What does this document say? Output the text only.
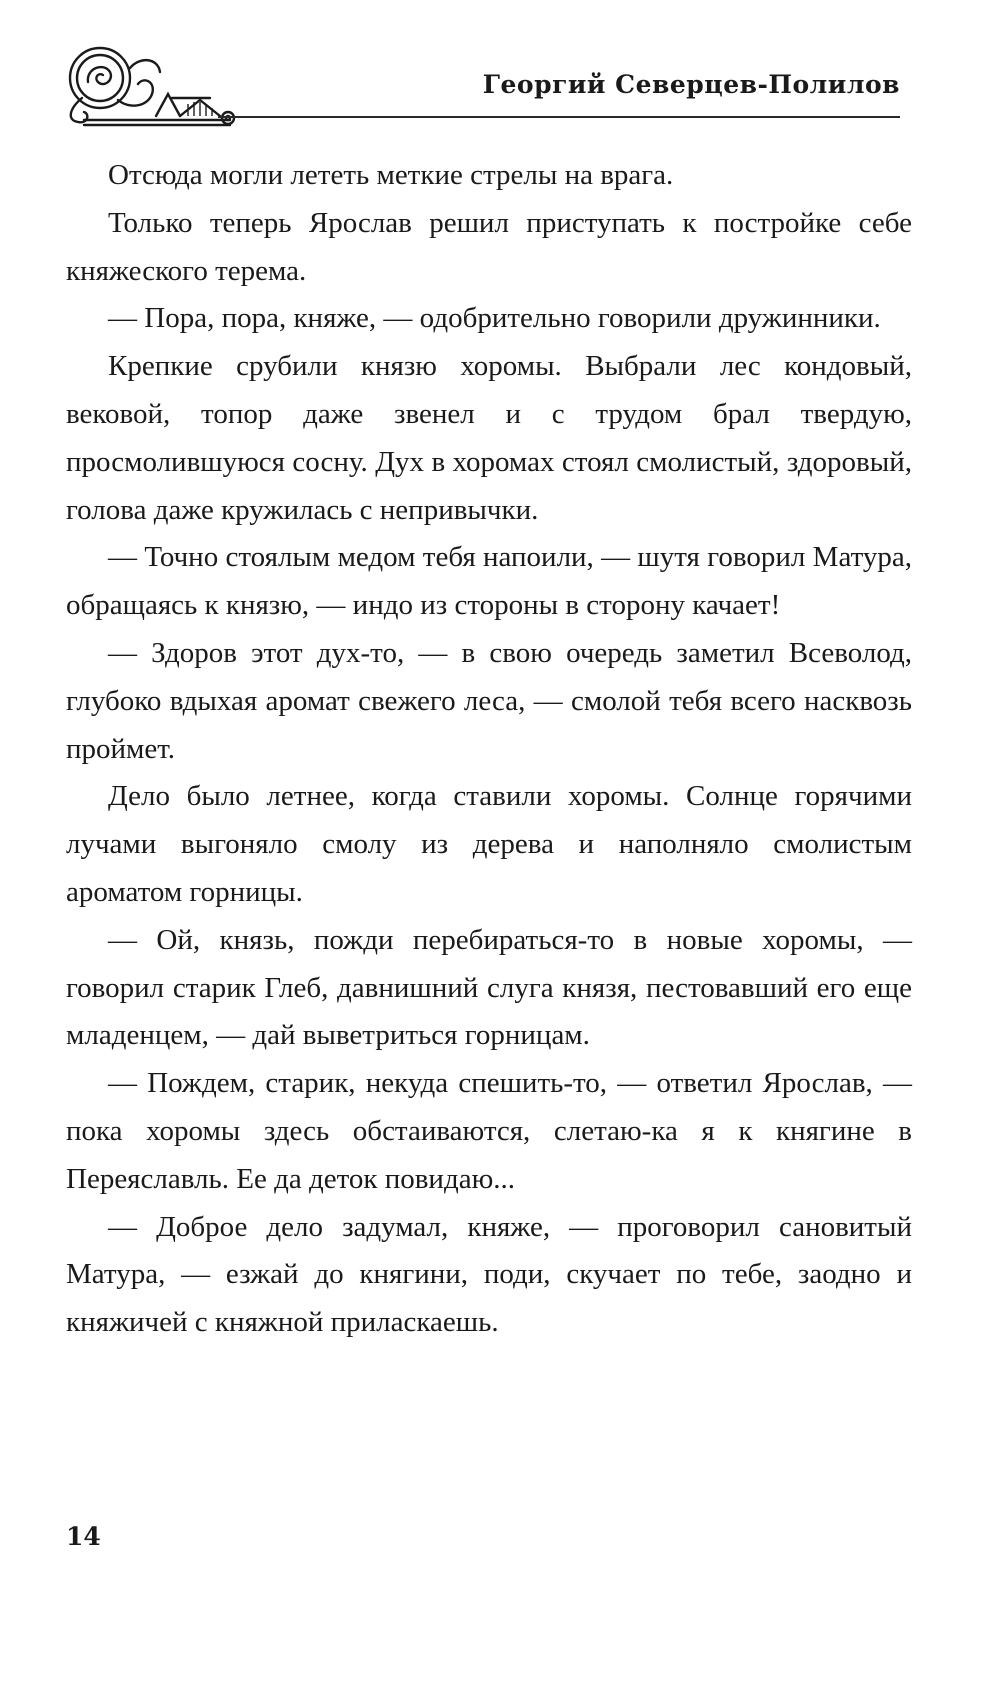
Георгий Северцев-Полилов

Отсюда могли лететь меткие стрелы на врага.

Только теперь Ярослав решил приступать к постройке себе княжеского терема.

— Пора, пора, княже, — одобрительно говорили дружинники.

Крепкие срубили князю хоромы. Выбрали лес кондовый, вековой, топор даже звенел и с трудом брал твердую, просмолившуюся сосну. Дух в хоромах стоял смолистый, здоровый, голова даже кружилась с непривычки.

— Точно стоялым медом тебя напоили, — шутя говорил Матура, обращаясь к князю, — индо из стороны в сторону качает!

— Здоров этот дух-то, — в свою очередь заметил Всеволод, глубоко вдыхая аромат свежего леса, — смолой тебя всего насквозь проймет.

Дело было летнее, когда ставили хоромы. Солнце горячими лучами выгоняло смолу из дерева и наполняло смолистым ароматом горницы.

— Ой, князь, пожди перебираться-то в новые хоромы, — говорил старик Глеб, давнишний слуга князя, пестовавший его еще младенцем, — дай выветриться горницам.

— Пождем, старик, некуда спешить-то, — ответил Ярослав, — пока хоромы здесь обстаиваются, слетаю-ка я к княгине в Переяславль. Ее да деток повидаю...

— Доброе дело задумал, княже, — проговорил сановитый Матура, — езжай до княгини, поди, скучает по тебе, заодно и княжичей с княжной приласкаешь.

14
